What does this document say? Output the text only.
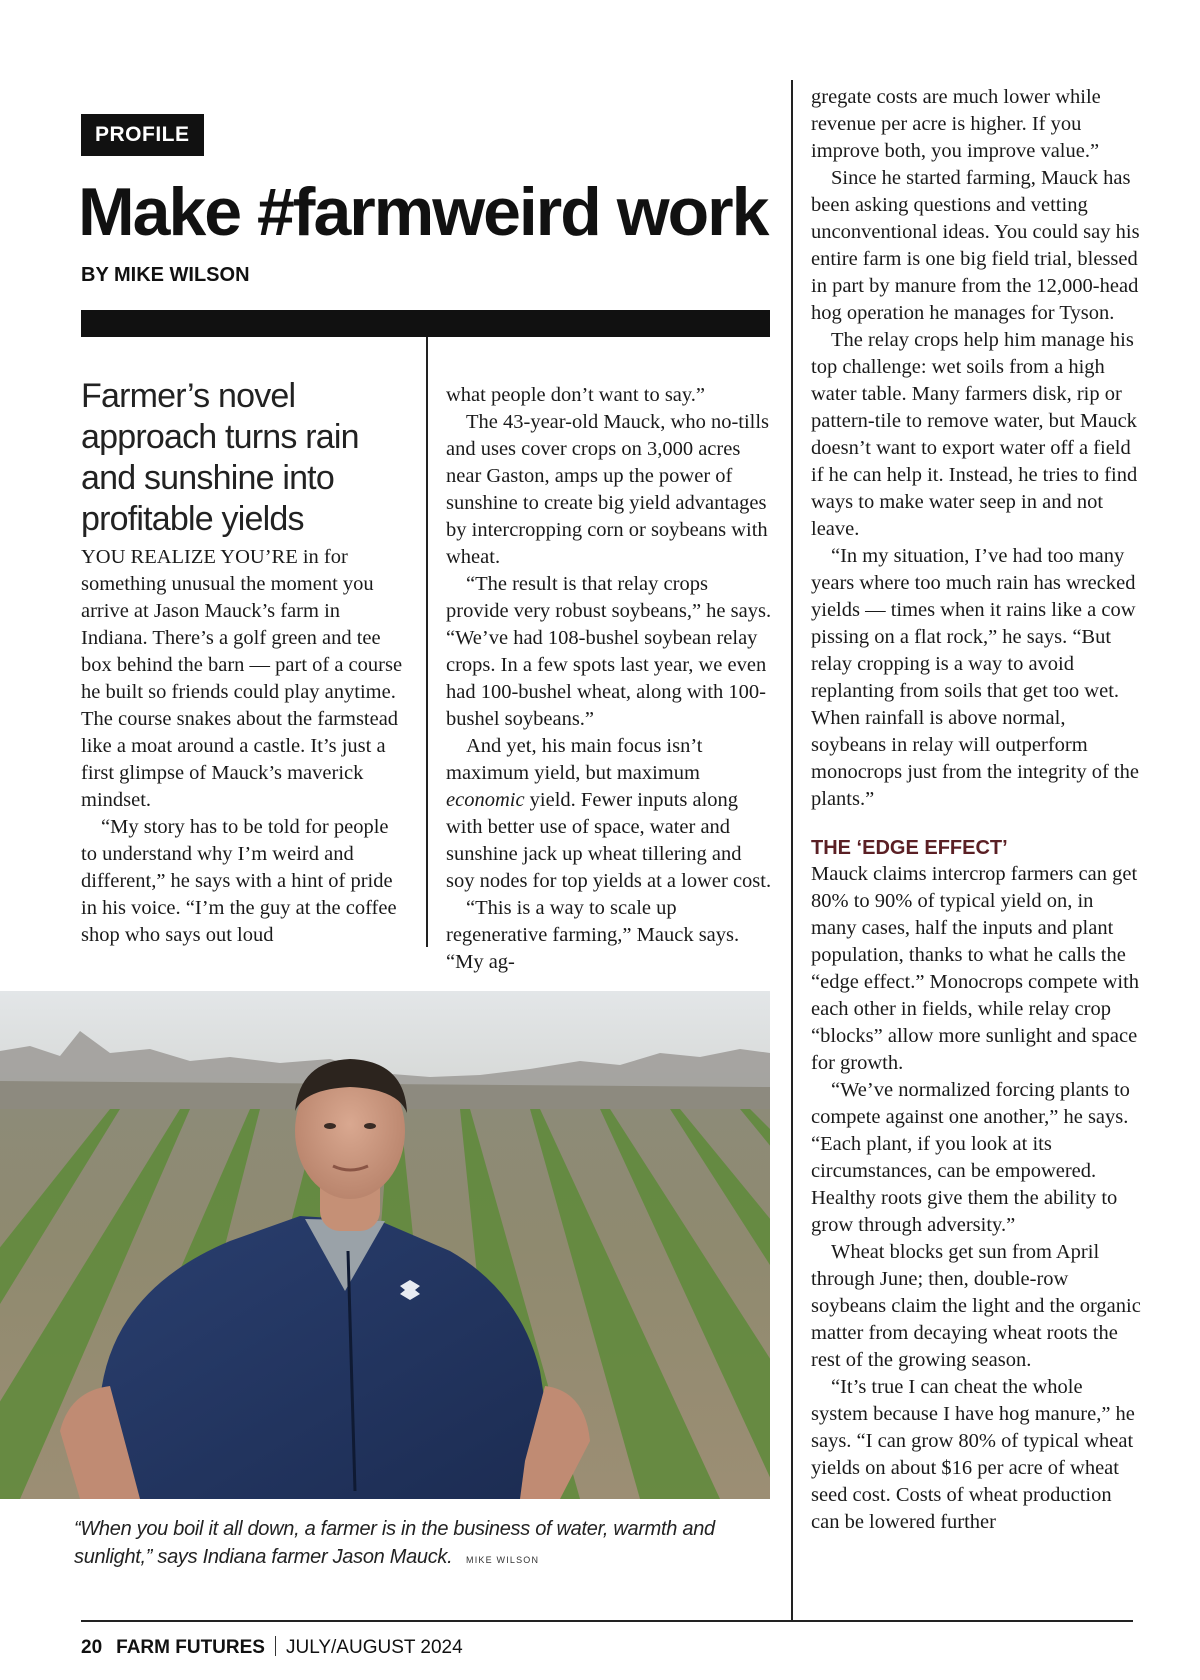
PROFILE
Make #farmweird work
BY MIKE WILSON
Farmer’s novel approach turns rain and sunshine into profitable yields

YOU REALIZE YOU’RE in for something unusual the moment you arrive at Jason Mauck’s farm in Indiana. There’s a golf green and tee box behind the barn — part of a course he built so friends could play anytime. The course snakes about the farmstead like a moat around a castle. It’s just a first glimpse of Mauck’s maverick mindset.

“My story has to be told for people to understand why I’m weird and different,” he says with a hint of pride in his voice. “I’m the guy at the coffee shop who says out loud

what people don’t want to say.”

The 43-year-old Mauck, who no-tills and uses cover crops on 3,000 acres near Gaston, amps up the power of sunshine to create big yield advantages by intercropping corn or soybeans with wheat.

“The result is that relay crops provide very robust soybeans,” he says. “We’ve had 108-bushel soybean relay crops. In a few spots last year, we even had 100-bushel wheat, along with 100-bushel soybeans.”

And yet, his main focus isn’t maximum yield, but maximum economic yield. Fewer inputs along with better use of space, water and sunshine jack up wheat tillering and soy nodes for top yields at a lower cost.

“This is a way to scale up regenerative farming,” Mauck says. “My ag-

gregate costs are much lower while revenue per acre is higher. If you improve both, you improve value.”

Since he started farming, Mauck has been asking questions and vetting unconventional ideas. You could say his entire farm is one big field trial, blessed in part by manure from the 12,000-head hog operation he manages for Tyson.

The relay crops help him manage his top challenge: wet soils from a high water table. Many farmers disk, rip or pattern-tile to remove water, but Mauck doesn’t want to export water off a field if he can help it. Instead, he tries to find ways to make water seep in and not leave.

“In my situation, I’ve had too many years where too much rain has wrecked yields — times when it rains like a cow pissing on a flat rock,” he says. “But relay cropping is a way to avoid replanting from soils that get too wet. When rainfall is above normal, soybeans in relay will outperform monocrops just from the integrity of the plants.”

THE ‘EDGE EFFECT’

Mauck claims intercrop farmers can get 80% to 90% of typical yield on, in many cases, half the inputs and plant population, thanks to what he calls the “edge effect.” Monocrops compete with each other in fields, while relay crop “blocks” allow more sunlight and space for growth.

“We’ve normalized forcing plants to compete against one another,” he says. “Each plant, if you look at its circumstances, can be empowered. Healthy roots give them the ability to grow through adversity.”

Wheat blocks get sun from April through June; then, double-row soybeans claim the light and the organic matter from decaying wheat roots the rest of the growing season.

“It’s true I can cheat the whole system because I have hog manure,” he says. “I can grow 80% of typical wheat yields on about $16 per acre of wheat seed cost. Costs of wheat production can be lowered further

“When you boil it all down, a farmer is in the business of water, warmth and sunlight,” says Indiana farmer Jason Mauck.	MIKE WILSON
20 FARM FUTURES JULY/AUGUST 2024
